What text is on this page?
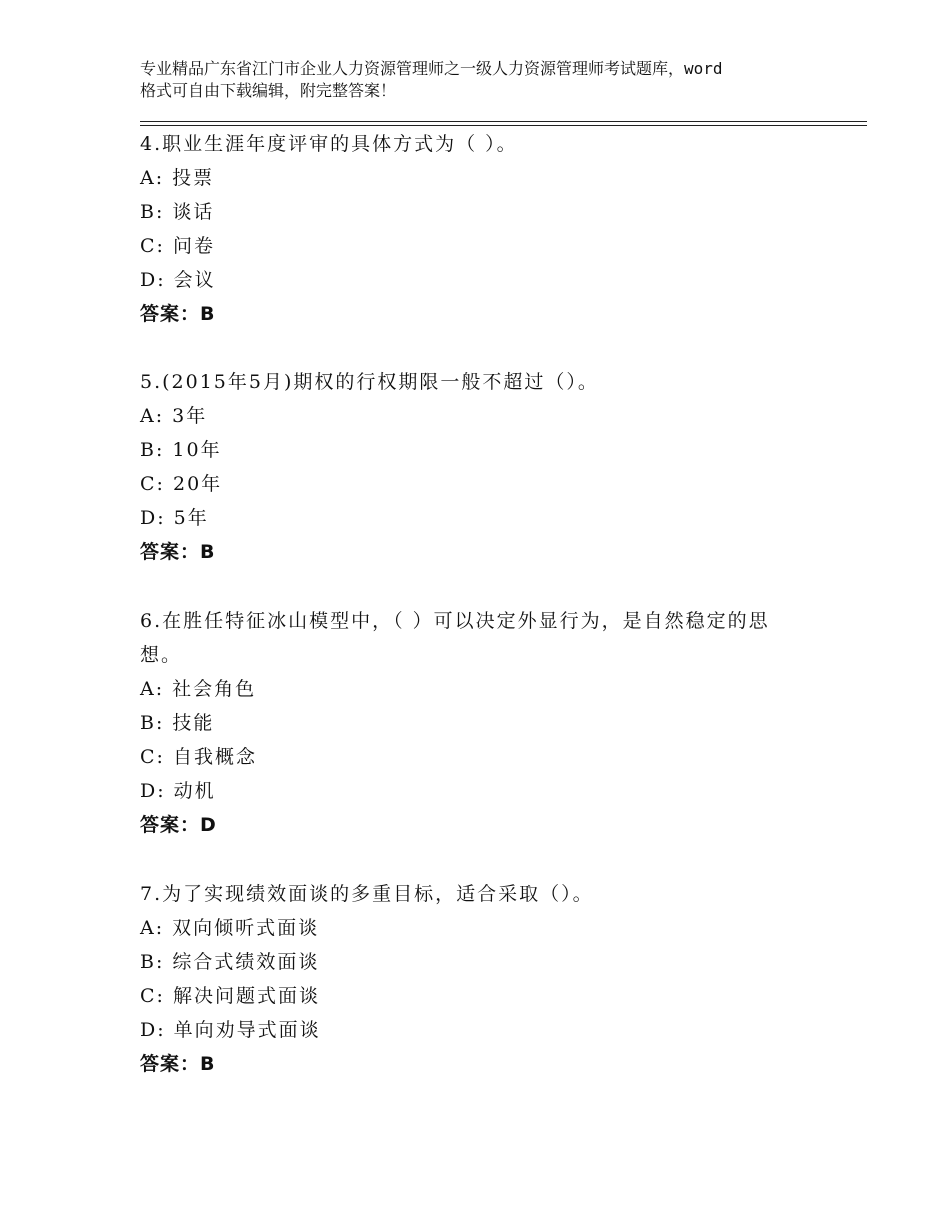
专业精品广东省江门市企业人力资源管理师之一级人力资源管理师考试题库，word
格式可自由下载编辑，附完整答案！
4.职业生涯年度评审的具体方式为（ ）。
A: 投票
B: 谈话
C: 问卷
D: 会议
答案：B
5.(2015年5月)期权的行权期限一般不超过（）。
A: 3年
B: 10年
C: 20年
D: 5年
答案：B
6.在胜任特征冰山模型中，（ ）可以决定外显行为，是自然稳定的思想。
A: 社会角色
B: 技能
C: 自我概念
D: 动机
答案：D
7.为了实现绩效面谈的多重目标，适合采取（）。
A: 双向倾听式面谈
B: 综合式绩效面谈
C: 解决问题式面谈
D: 单向劝导式面谈
答案：B
